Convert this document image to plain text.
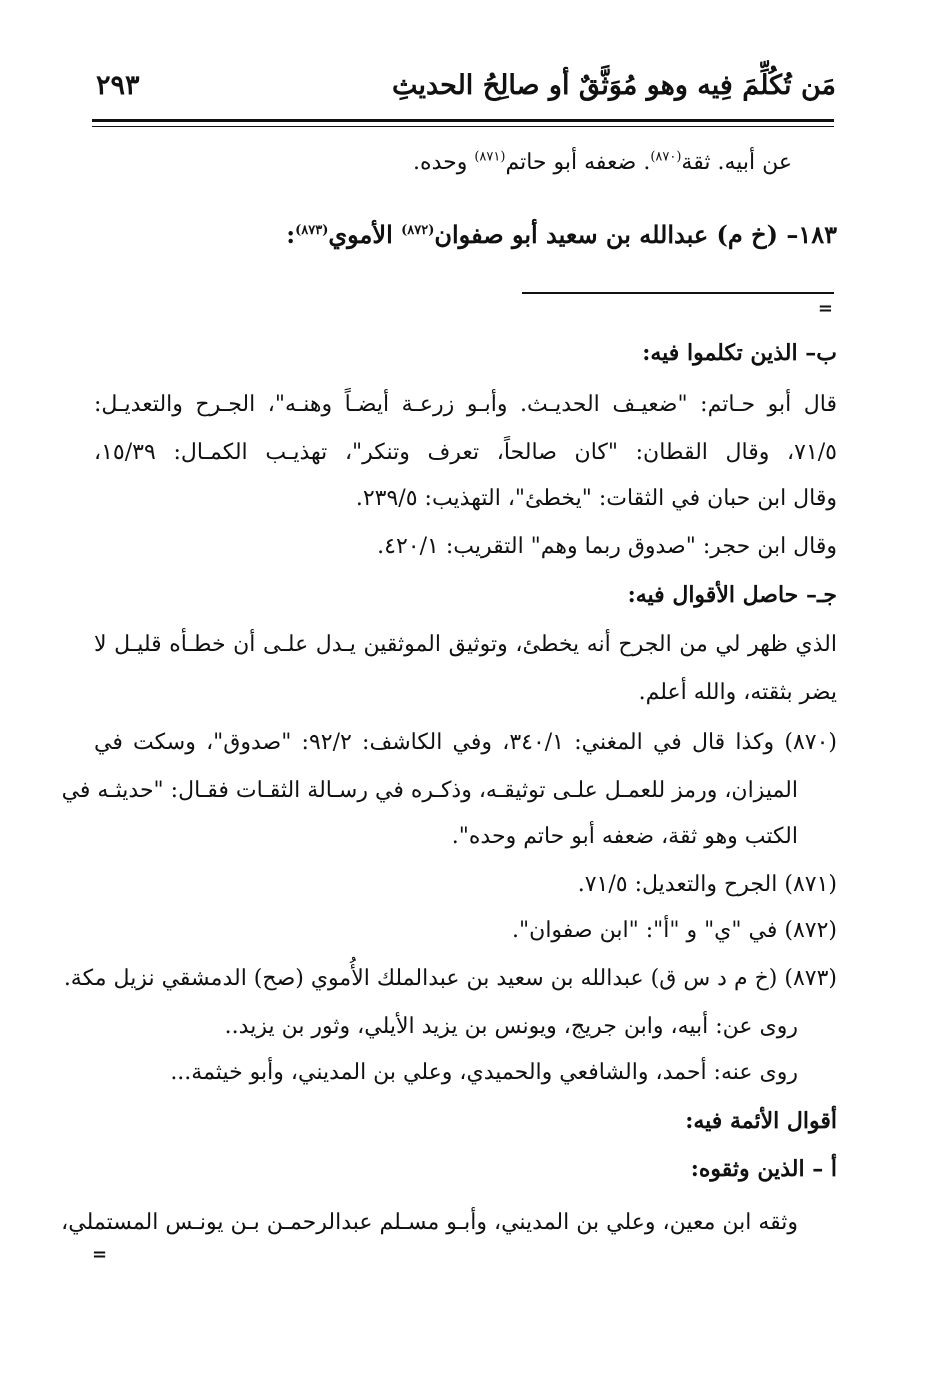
مَن تُكُلِّمَ فِيه وهو مُوَثَّقٌ أو صالِحُ الحديثِ
٢٩٣
عن أبيه. ثقة$^{(٨٧٠)}$. ضعفه أبو حاتم$^{(٨٧١)}$ وحده.
١٨٣– (خ م) عبدالله بن سعيد أبو صفوان$^{(٨٧٢)}$ الأموي$^{(٨٧٣)}$:
=
ب– الذين تكلموا فيه:
قال أبو حـاتم: "ضعيـف الحديـث. وأبـو زرعـة أيضـاً وهنـه"، الجـرح والتعديـل:
٧١/٥، وقال القطان: "كان صالحاً، تعرف وتنكر"، تهذيـب الكمـال: ١٥/٣٩،
وقال ابن حبان في الثقات: "يخطئ"، التهذيب: ٢٣٩/٥.
وقال ابن حجر: "صدوق ربما وهم" التقريب: ٤٢٠/١.
جـ– حاصل الأقوال فيه:
الذي ظهر لي من الجرح أنه يخطئ، وتوثيق الموثقين يـدل علـى أن خطـأه قليـل لا
يضر بثقته، والله أعلم.
(٨٧٠) وكذا قال في المغني: ٣٤٠/١، وفي الكاشف: ٩٢/٢: "صدوق"، وسكت في
الميزان، ورمز للعمـل علـى توثيقـه، وذكـره في رسـالة الثقـات فقـال: "حديثـه في
الكتب وهو ثقة، ضعفه أبو حاتم وحده".
(٨٧١) الجرح والتعديل: ٧١/٥.
(٨٧٢) في "ي" و "أ": "ابن صفوان".
(٨٧٣) (خ م د س ق) عبدالله بن سعيد بن عبدالملك الأُموي (صح) الدمشقي نزيل مكة.
روى عن: أبيه، وابن جريج، ويونس بن يزيد الأيلي، وثور بن يزيد..
روى عنه: أحمد، والشافعي والحميدي، وعلي بن المديني، وأبو خيثمة...
أقوال الأئمة فيه:
أ – الذين وثقوه:
وثقه ابن معين، وعلي بن المديني، وأبـو مسـلم عبدالرحمـن بـن يونـس المستملي،
=
